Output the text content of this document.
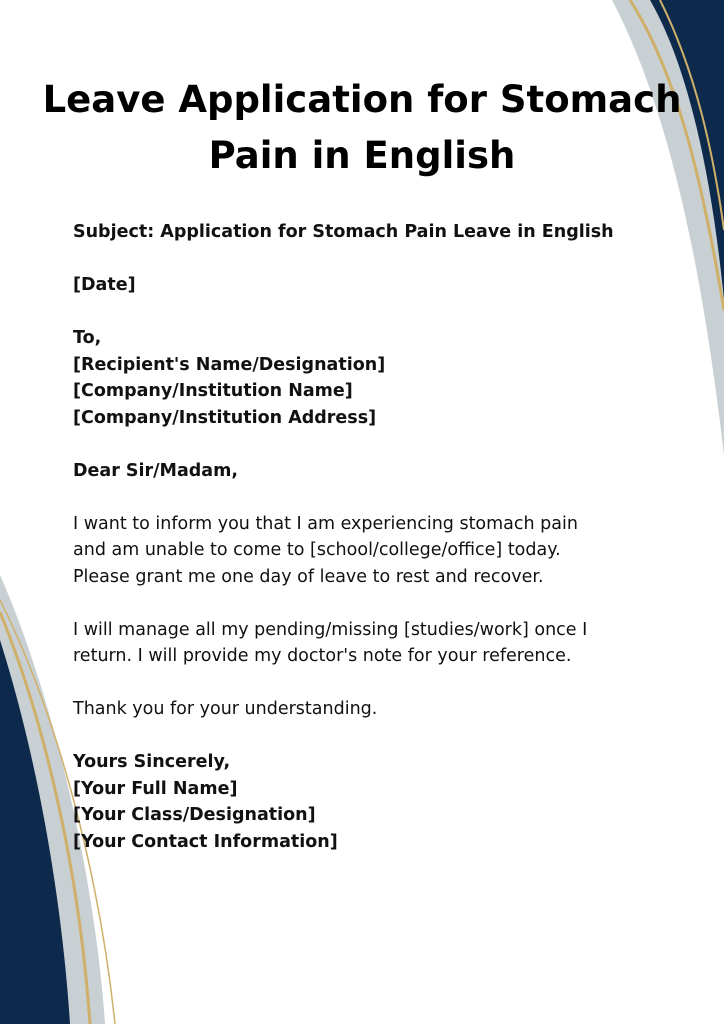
Leave Application for Stomach
Pain in English
Subject: Application for Stomach Pain Leave in English
[Date]
To,
[Recipient's Name/Designation]
[Company/Institution Name]
[Company/Institution Address]
Dear Sir/Madam,
I want to inform you that I am experiencing stomach pain
and am unable to come to [school/college/office] today.
Please grant me one day of leave to rest and recover.
I will manage all my pending/missing [studies/work] once I
return. I will provide my doctor's note for your reference.
Thank you for your understanding.
Yours Sincerely,
[Your Full Name]
[Your Class/Designation]
[Your Contact Information]
